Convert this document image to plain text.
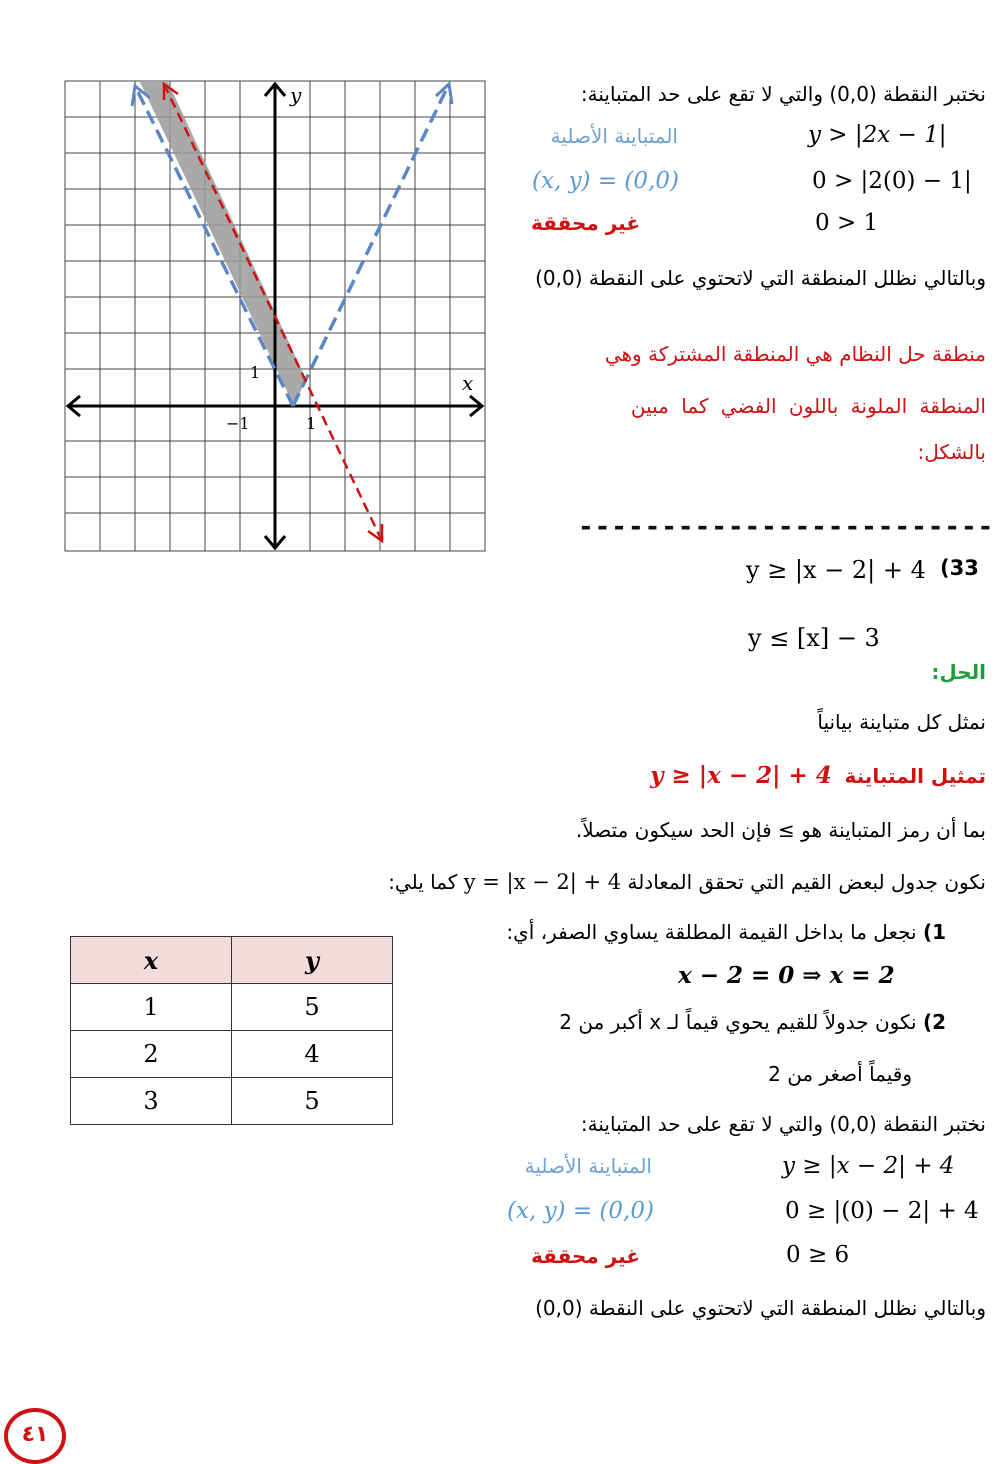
y
x
−1	1
1
نختبر النقطة (0,0) والتي لا تقع على حد المتباينة:
المتباينة الأصلية	y > |2x − 1|
(x, y) = (0,0)	0 > |2(0) − 1|
غير محققة	0 > 1
وبالتالي نظلل المنطقة التي لاتحتوي على النقطة (0,0)
منطقة حل النظام هي المنطقة المشتركة وهي
المنطقة الملونة باللون الفضي كما مبين
بالشكل:
-------------------------
(33
y ≥ |x − 2| + 4
y ≤ [x] − 3
الحل:
نمثل كل متباينة بيانياً
تمثيل المتباينة  y ≥ |x − 2| + 4
بما أن رمز المتباينة هو ≥ فإن الحد سيكون متصلاً.
نكون جدول لبعض القيم التي تحقق المعادلة y = |x − 2| + 4 كما يلي:
1) نجعل ما بداخل القيمة المطلقة يساوي الصفر، أي:
x − 2 = 0 ⇒ x = 2
2) نكون جدولاً للقيم يحوي قيماً لـ x أكبر من 2
وقيماً أصغر من 2
x	y
1	5
2	4
3	5
نختبر النقطة (0,0) والتي لا تقع على حد المتباينة:
المتباينة الأصلية	y ≥ |x − 2| + 4
(x, y) = (0,0)	0 ≥ |(0) − 2| + 4
غير محققة	0 ≥ 6
وبالتالي نظلل المنطقة التي لاتحتوي على النقطة (0,0)
٤١
